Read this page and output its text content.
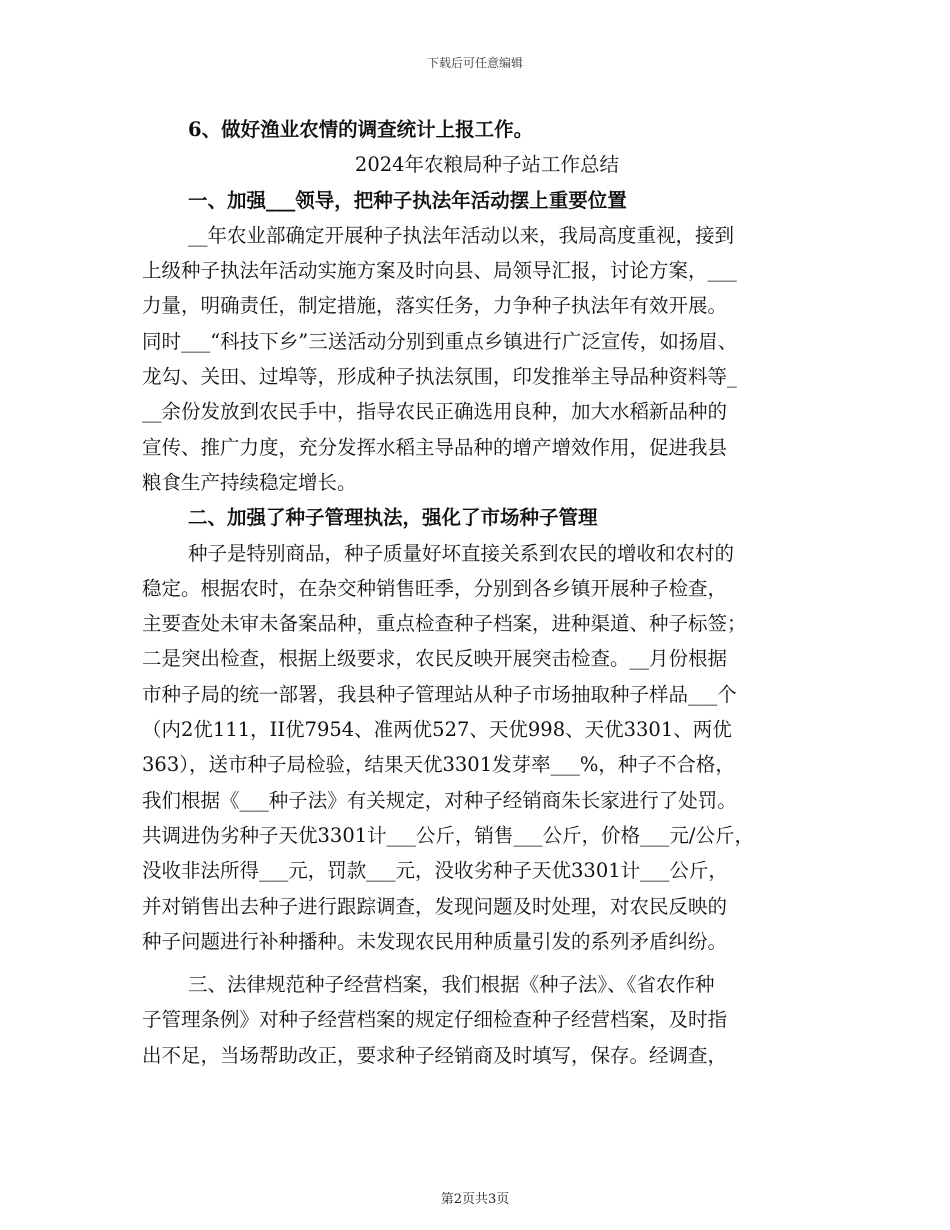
下载后可任意编辑
6、做好渔业农情的调查统计上报工作。
2024年农粮局种子站工作总结
一、加强___领导，把种子执法年活动摆上重要位置
__年农业部确定开展种子执法年活动以来，我局高度重视，接到
上级种子执法年活动实施方案及时向县、局领导汇报，讨论方案，___
力量，明确责任，制定措施，落实任务，力争种子执法年有效开展。
同时___“科技下乡”三送活动分别到重点乡镇进行广泛宣传，如扬眉、
龙勾、关田、过埠等，形成种子执法氛围，印发推举主导品种资料等_
__余份发放到农民手中，指导农民正确选用良种，加大水稻新品种的
宣传、推广力度，充分发挥水稻主导品种的增产增效作用，促进我县
粮食生产持续稳定增长。
二、加强了种子管理执法，强化了市场种子管理
种子是特别商品，种子质量好坏直接关系到农民的增收和农村的
稳定。根据农时，在杂交种销售旺季，分别到各乡镇开展种子检查，
主要查处未审未备案品种，重点检查种子档案，进种渠道、种子标签；
二是突出检查，根据上级要求，农民反映开展突击检查。__月份根据
市种子局的统一部署，我县种子管理站从种子市场抽取种子样品___个
（内2优111，II优7954、准两优527、天优998、天优3301、两优
363），送市种子局检验，结果天优3301发芽率___%，种子不合格，
我们根据《___种子法》有关规定，对种子经销商朱长家进行了处罚。
共调进伪劣种子天优3301计___公斤，销售___公斤，价格___元/公斤，
没收非法所得___元，罚款___元，没收劣种子天优3301计___公斤，
并对销售出去种子进行跟踪调查，发现问题及时处理，对农民反映的
种子问题进行补种播种。未发现农民用种质量引发的系列矛盾纠纷。
三、法律规范种子经营档案，我们根据《种子法》、《省农作种
子管理条例》对种子经营档案的规定仔细检查种子经营档案，及时指
出不足，当场帮助改正，要求种子经销商及时填写，保存。经调查，
第2页共3页
